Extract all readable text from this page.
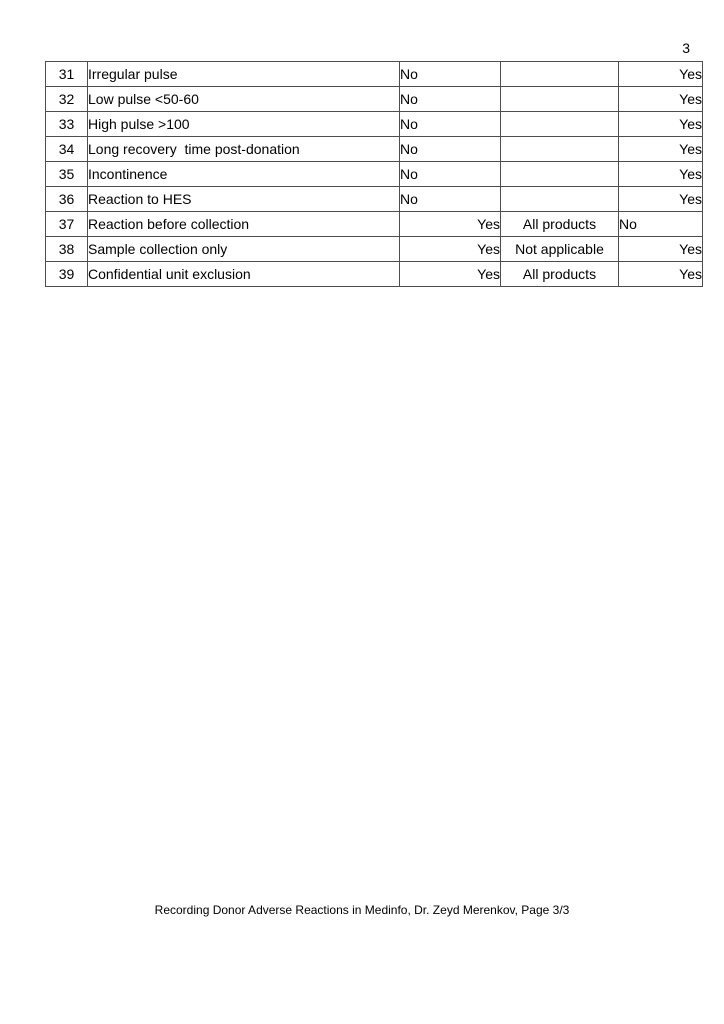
3
31	Irregular pulse	No		Yes
32	Low pulse <50-60	No		Yes
33	High pulse >100	No		Yes
34	Long recovery  time post-donation	No		Yes
35	Incontinence	No		Yes
36	Reaction to HES	No		Yes
37	Reaction before collection	Yes	All products	No
38	Sample collection only	Yes	Not applicable	Yes
39	Confidential unit exclusion	Yes	All products	Yes
Recording Donor Adverse Reactions in Medinfo, Dr. Zeyd Merenkov, Page 3/3
